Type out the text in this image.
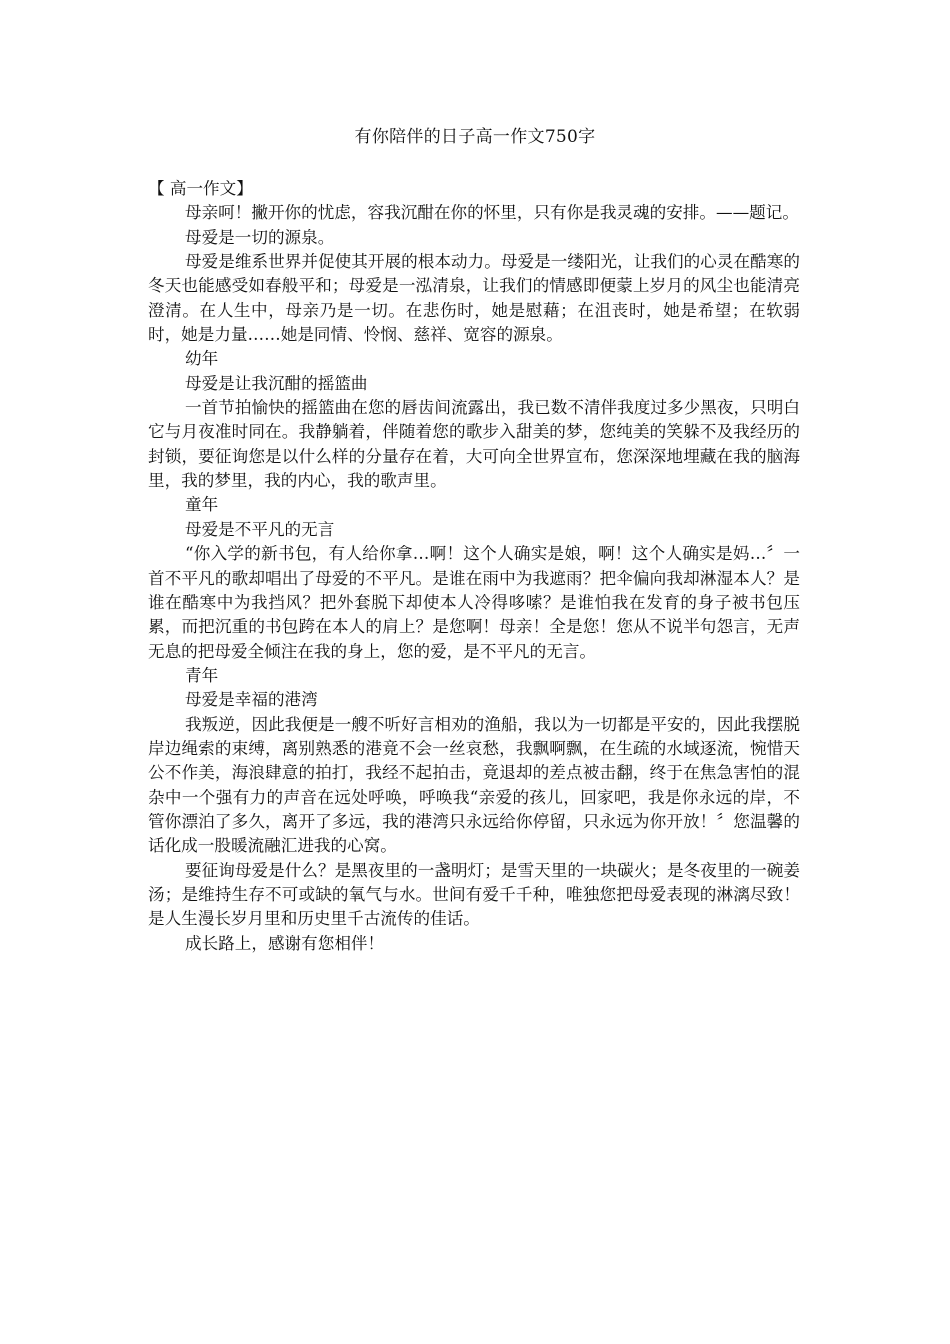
有你陪伴的日子高一作文750字

【 高一作文】

母亲呵！撇开你的忧虑，容我沉酣在你的怀里，只有你是我灵魂的安排。——题记。

母爱是一切的源泉。

母爱是维系世界并促使其开展的根本动力。母爱是一缕阳光，让我们的心灵在酷寒的冬天也能感受如春般平和；母爱是一泓清泉，让我们的情感即便蒙上岁月的风尘也能清亮澄清。在人生中，母亲乃是一切。在悲伤时，她是慰藉；在沮丧时，她是希望；在软弱时，她是力量……她是同情、怜悯、慈祥、宽容的源泉。

幼年

母爱是让我沉酣的摇篮曲

一首节拍愉快的摇篮曲在您的唇齿间流露出，我已数不清伴我度过多少黑夜，只明白它与月夜准时同在。我静躺着，伴随着您的歌步入甜美的梦，您纯美的笑躲不及我经历的封锁，要征询您是以什么样的分量存在着，大可向全世界宣布，您深深地埋藏在我的脑海里，我的梦里，我的内心，我的歌声里。

童年

母爱是不平凡的无言

“你入学的新书包，有人给你拿…啊！这个人确实是娘，啊！这个人确实是妈…〞一首不平凡的歌却唱出了母爱的不平凡。是谁在雨中为我遮雨？把伞偏向我却淋湿本人？是谁在酷寒中为我挡风？把外套脱下却使本人冷得哆嗦？是谁怕我在发育的身子被书包压累，而把沉重的书包跨在本人的肩上？是您啊！母亲！全是您！您从不说半句怨言，无声无息的把母爱全倾注在我的身上，您的爱，是不平凡的无言。

青年

母爱是幸福的港湾

我叛逆，因此我便是一艘不听好言相劝的渔船，我以为一切都是平安的，因此我摆脱岸边绳索的束缚，离别熟悉的港竟不会一丝哀愁，我飘啊飘，在生疏的水域逐流，惋惜天公不作美，海浪肆意的拍打，我经不起拍击，竟退却的差点被击翻，终于在焦急害怕的混杂中一个强有力的声音在远处呼唤，呼唤我“亲爱的孩儿，回家吧，我是你永远的岸，不管你漂泊了多久，离开了多远，我的港湾只永远给你停留，只永远为你开放！〞您温馨的话化成一股暖流融汇进我的心窝。

要征询母爱是什么？是黑夜里的一盏明灯；是雪天里的一块碳火；是冬夜里的一碗姜汤；是维持生存不可或缺的氧气与水。世间有爱千千种，唯独您把母爱表现的淋漓尽致！是人生漫长岁月里和历史里千古流传的佳话。

成长路上，感谢有您相伴！
